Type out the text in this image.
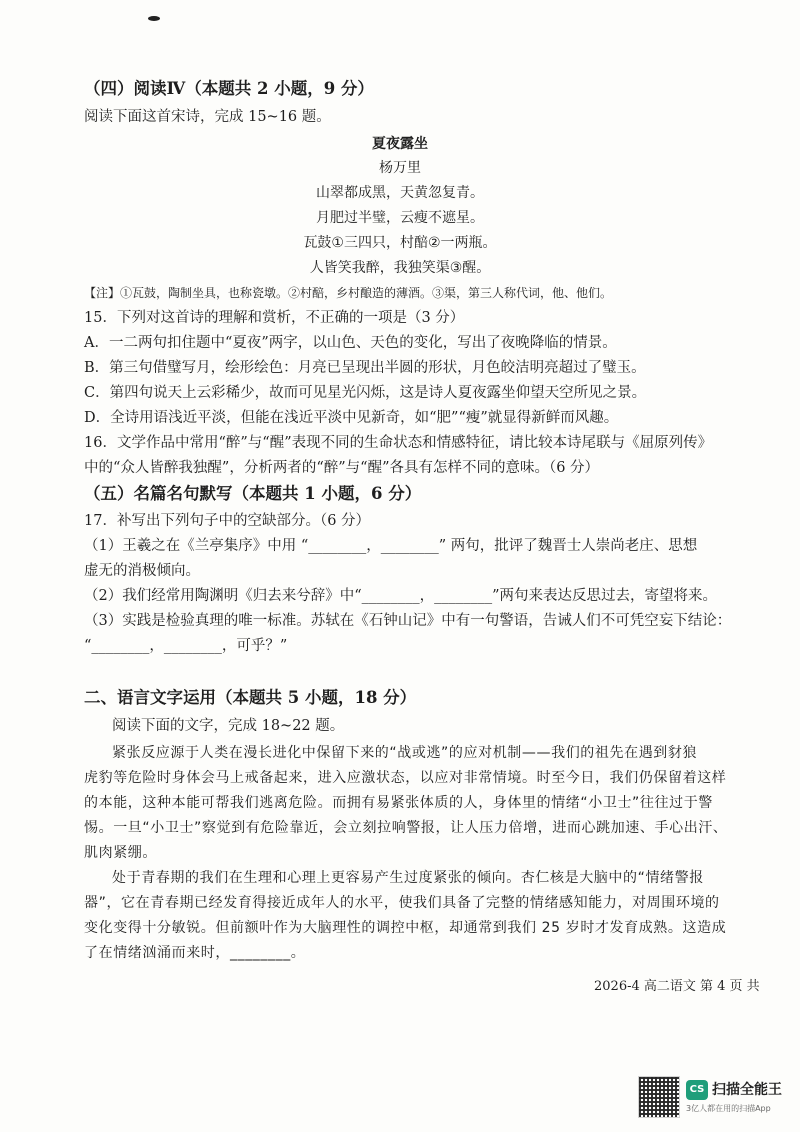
（四）阅读Ⅳ（本题共 2 小题，9 分）
阅读下面这首宋诗，完成 15~16 题。
夏夜露坐
杨万里
山翠都成黑，天黄忽复青。
月肥过半璧，云瘦不遮星。
瓦鼓①三四只，村醅②一两瓶。
人皆笑我醉，我独笑渠③醒。
【注】①瓦鼓，陶制坐具，也称瓷墩。②村醅，乡村酿造的薄酒。③渠，第三人称代词，他、他们。
15．下列对这首诗的理解和赏析，不正确的一项是（3 分）
A．一二两句扣住题中“夏夜”两字，以山色、天色的变化，写出了夜晚降临的情景。
B．第三句借璧写月，绘形绘色：月亮已呈现出半圆的形状，月色皎洁明亮超过了璧玉。
C．第四句说天上云彩稀少，故而可见星光闪烁，这是诗人夏夜露坐仰望天空所见之景。
D．全诗用语浅近平淡，但能在浅近平淡中见新奇，如“肥”“瘦”就显得新鲜而风趣。
16．文学作品中常用“醉”与“醒”表现不同的生命状态和情感特征，请比较本诗尾联与《屈原列传》
中的“众人皆醉我独醒”，分析两者的“醉”与“醒”各具有怎样不同的意味。（6 分）
（五）名篇名句默写（本题共 1 小题，6 分）
17．补写出下列句子中的空缺部分。（6 分）
（1）王羲之在《兰亭集序》中用 “________，________” 两句，批评了魏晋士人崇尚老庄、思想
虚无的消极倾向。
（2）我们经常用陶渊明《归去来兮辞》中“________，________”两句来表达反思过去，寄望将来。
（3）实践是检验真理的唯一标准。苏轼在《石钟山记》中有一句警语，告诫人们不可凭空妄下结论：
“________，________，可乎？”
二、语言文字运用（本题共 5 小题，18 分）
阅读下面的文字，完成 18~22 题。
紧张反应源于人类在漫长进化中保留下来的“战或逃”的应对机制——我们的祖先在遇到豺狼
虎豹等危险时身体会马上戒备起来，进入应激状态，以应对非常情境。时至今日，我们仍保留着这样
的本能，这种本能可帮我们逃离危险。而拥有易紧张体质的人，身体里的情绪“小卫士”往往过于警
惕。一旦“小卫士”察觉到有危险靠近，会立刻拉响警报，让人压力倍增，进而心跳加速、手心出汗、
肌肉紧绷。
处于青春期的我们在生理和心理上更容易产生过度紧张的倾向。杏仁核是大脑中的“情绪警报
器”，它在青春期已经发育得接近成年人的水平，使我们具备了完整的情绪感知能力，对周围环境的
变化变得十分敏锐。但前额叶作为大脑理性的调控中枢，却通常到我们 25 岁时才发育成熟。这造成
了在情绪汹涌而来时，________。
2026-4 高二语文 第 4 页 共
CS 扫描全能王
3亿人都在用的扫描App
